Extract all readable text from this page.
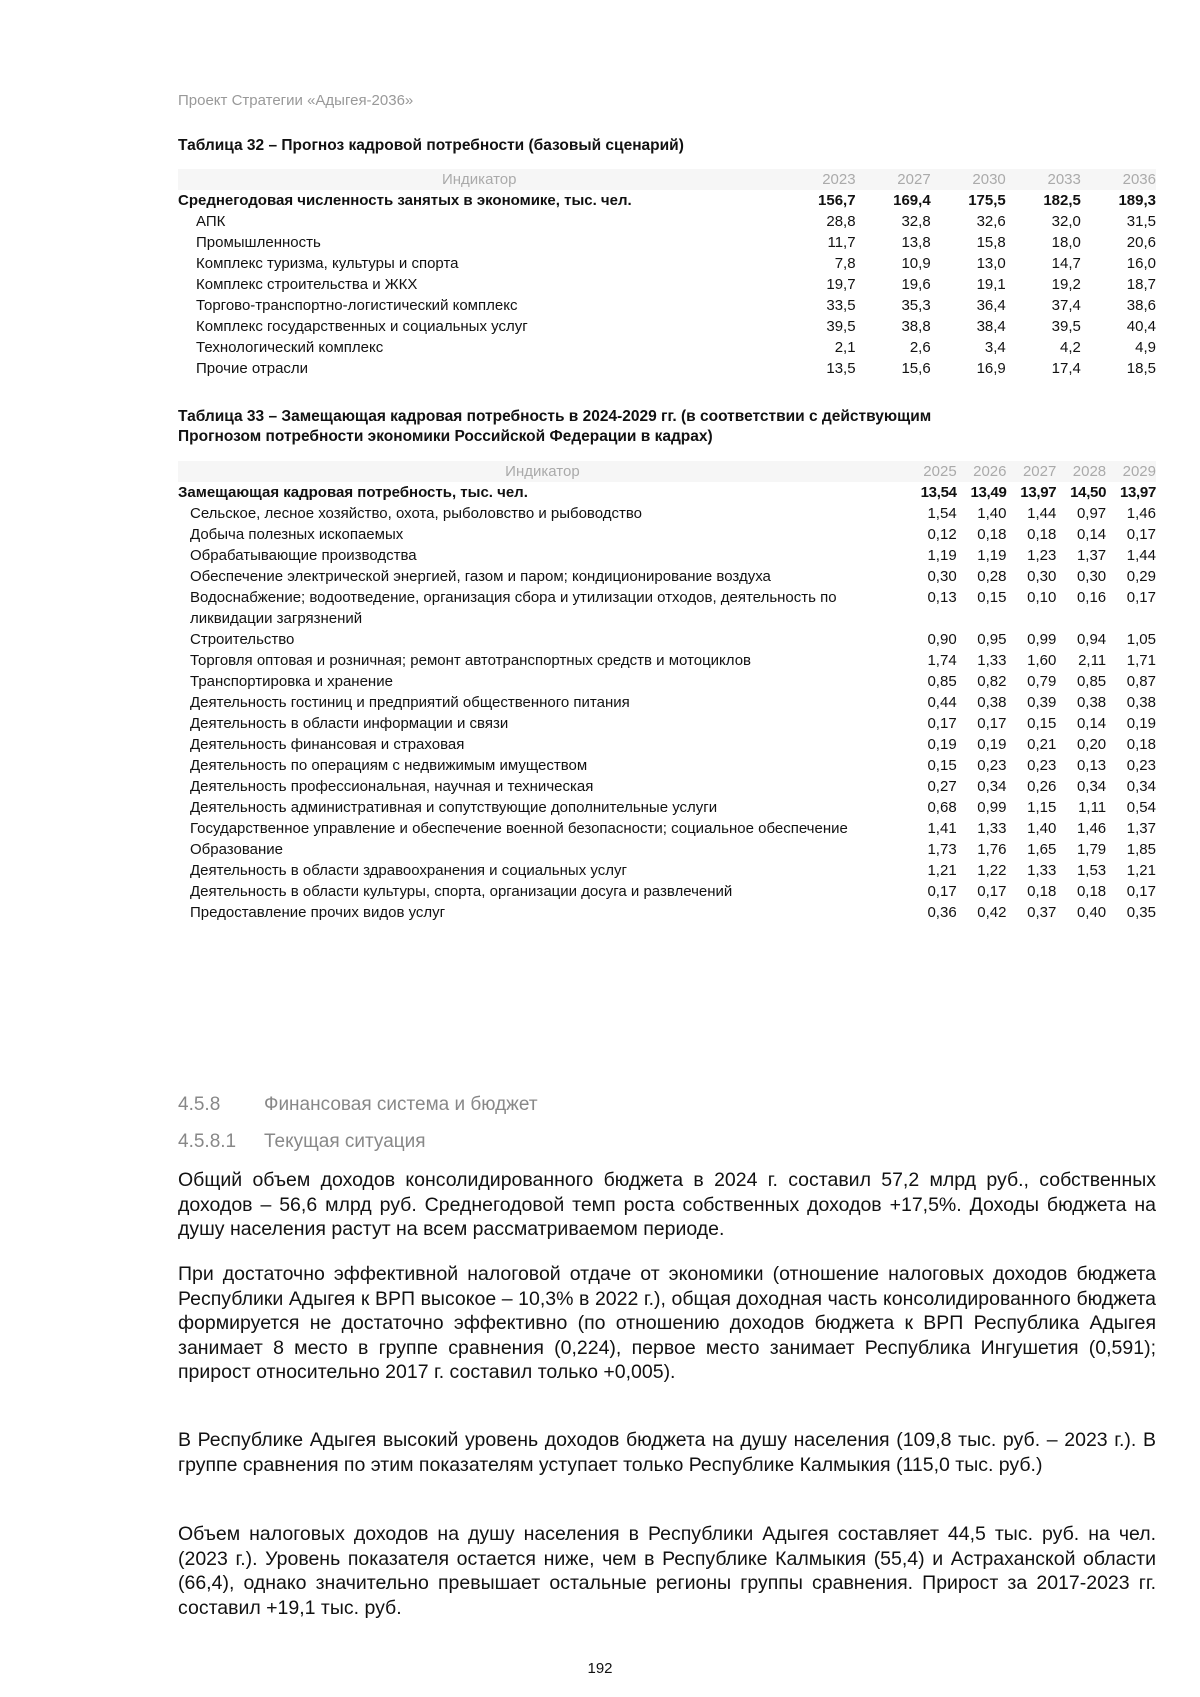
Проект Стратегии «Адыгея-2036»
Таблица 32 – Прогноз кадровой потребности (базовый сценарий)
Индикатор	2023	2027	2030	2033	2036
Среднегодовая численность занятых в экономике, тыс. чел.	156,7	169,4	175,5	182,5	189,3
АПК	28,8	32,8	32,6	32,0	31,5
Промышленность	11,7	13,8	15,8	18,0	20,6
Комплекс туризма, культуры и спорта	7,8	10,9	13,0	14,7	16,0
Комплекс строительства и ЖКХ	19,7	19,6	19,1	19,2	18,7
Торгово-транспортно-логистический комплекс	33,5	35,3	36,4	37,4	38,6
Комплекс государственных и социальных услуг	39,5	38,8	38,4	39,5	40,4
Технологический комплекс	2,1	2,6	3,4	4,2	4,9
Прочие отрасли	13,5	15,6	16,9	17,4	18,5
Таблица 33 – Замещающая кадровая потребность в 2024-2029 гг. (в соответствии с действующим
Прогнозом потребности экономики Российской Федерации в кадрах)
Индикатор	2025	2026	2027	2028	2029
Замещающая кадровая потребность, тыс. чел.	13,54	13,49	13,97	14,50	13,97
Сельское, лесное хозяйство, охота, рыболовство и рыбоводство	1,54	1,40	1,44	0,97	1,46
Добыча полезных ископаемых	0,12	0,18	0,18	0,14	0,17
Обрабатывающие производства	1,19	1,19	1,23	1,37	1,44
Обеспечение электрической энергией, газом и паром; кондиционирование воздуха	0,30	0,28	0,30	0,30	0,29
Водоснабжение; водоотведение, организация сбора и утилизации отходов, деятельность по ликвидации загрязнений	0,13	0,15	0,10	0,16	0,17
Строительство	0,90	0,95	0,99	0,94	1,05
Торговля оптовая и розничная; ремонт автотранспортных средств и мотоциклов	1,74	1,33	1,60	2,11	1,71
Транспортировка и хранение	0,85	0,82	0,79	0,85	0,87
Деятельность гостиниц и предприятий общественного питания	0,44	0,38	0,39	0,38	0,38
Деятельность в области информации и связи	0,17	0,17	0,15	0,14	0,19
Деятельность финансовая и страховая	0,19	0,19	0,21	0,20	0,18
Деятельность по операциям с недвижимым имуществом	0,15	0,23	0,23	0,13	0,23
Деятельность профессиональная, научная и техническая	0,27	0,34	0,26	0,34	0,34
Деятельность административная и сопутствующие дополнительные услуги	0,68	0,99	1,15	1,11	0,54
Государственное управление и обеспечение военной безопасности; социальное обеспечение	1,41	1,33	1,40	1,46	1,37
Образование	1,73	1,76	1,65	1,79	1,85
Деятельность в области здравоохранения и социальных услуг	1,21	1,22	1,33	1,53	1,21
Деятельность в области культуры, спорта, организации досуга и развлечений	0,17	0,17	0,18	0,18	0,17
Предоставление прочих видов услуг	0,36	0,42	0,37	0,40	0,35
4.5.8 Финансовая система и бюджет
4.5.8.1 Текущая ситуация

Общий объем доходов консолидированного бюджета в 2024 г. составил 57,2 млрд руб., собственных доходов – 56,6 млрд руб. Среднегодовой темп роста собственных доходов +17,5%. Доходы бюджета на душу населения растут на всем рассматриваемом периоде.

При достаточно эффективной налоговой отдаче от экономики (отношение налоговых доходов бюджета Республики Адыгея к ВРП высокое – 10,3% в 2022 г.), общая доходная часть консолидированного бюджета формируется не достаточно эффективно (по отношению доходов бюджета к ВРП Республика Адыгея занимает 8 место в группе сравнения (0,224), первое место занимает Республика Ингушетия (0,591); прирост относительно 2017 г. составил только +0,005).

В Республике Адыгея высокий уровень доходов бюджета на душу населения (109,8 тыс. руб. – 2023 г.). В группе сравнения по этим показателям уступает только Республике Калмыкия (115,0 тыс. руб.)

Объем налоговых доходов на душу населения в Республики Адыгея составляет 44,5 тыс. руб. на чел. (2023 г.). Уровень показателя остается ниже, чем в Республике Калмыкия (55,4) и Астраханской области (66,4), однако значительно превышает остальные регионы группы сравнения. Прирост за 2017-2023 гг. составил +19,1 тыс. руб.

192
